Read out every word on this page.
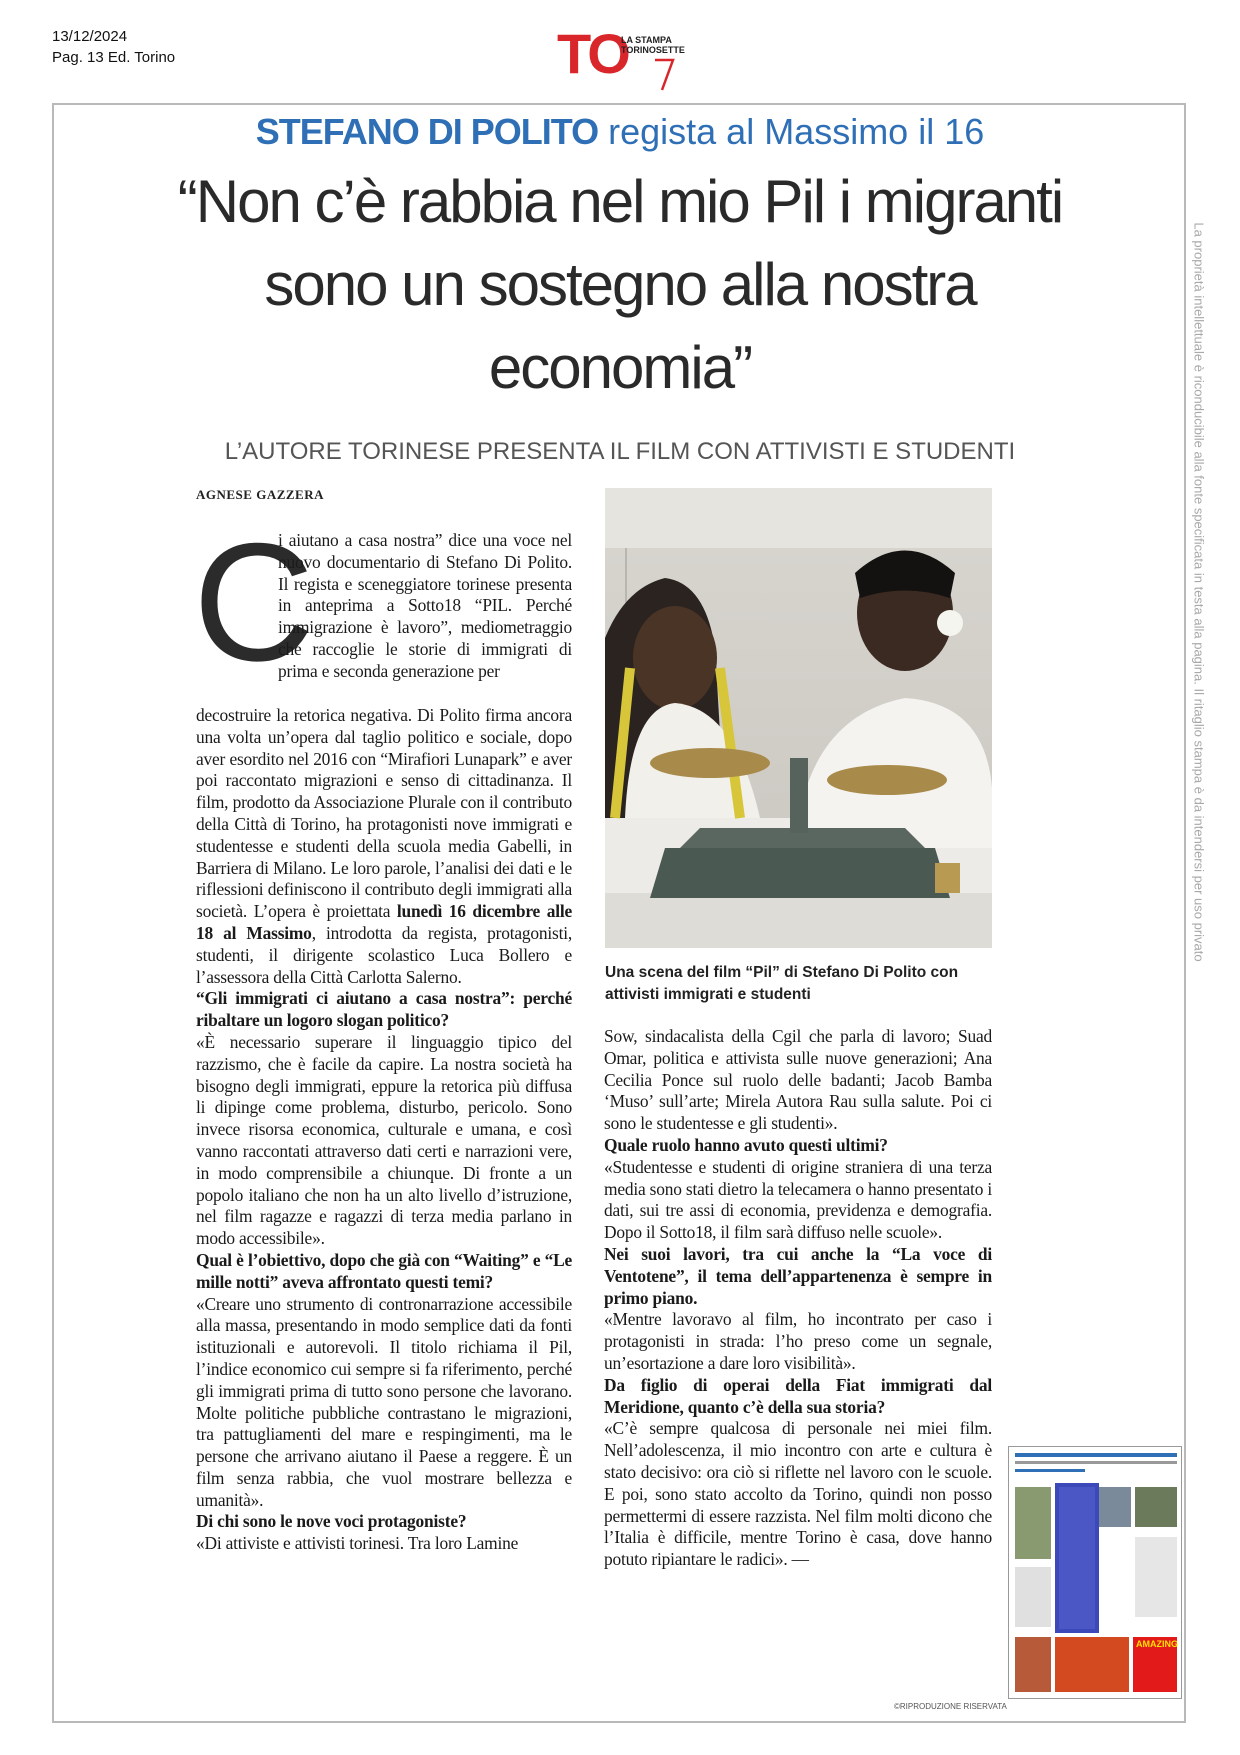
13/12/2024
Pag. 13 Ed. Torino	TO
LA STAMPA
TORINOSETTE
La proprietà intellettuale è riconducibile alla fonte specificata in testa alla pagina. Il ritaglio stampa è da intendersi per uso privato
STEFANO DI POLITO regista al Massimo il 16
“Non c’è rabbia nel mio Pil i migranti sono un sostegno alla nostra economia”
L’AUTORE TORINESE PRESENTA IL FILM CON ATTIVISTI E STUDENTI
AGNESE GAZZERA
C
i aiutano a casa nostra” dice una voce nel nuovo documentario di Stefano Di Polito. Il regista e sceneggiatore torinese presenta in anteprima a Sotto18 “PIL. Perché immigrazione è lavoro”, mediometraggio che raccoglie le storie di immigrati di prima e seconda generazione per
decostruire la retorica negativa. Di Polito firma ancora una volta un’opera dal taglio politico e sociale, dopo aver esordito nel 2016 con “Mirafiori Lunapark” e aver poi raccontato migrazioni e senso di cittadinanza. Il film, prodotto da Associazione Plurale con il contributo della Città di Torino, ha protagonisti nove immigrati e studentesse e studenti della scuola media Gabelli, in Barriera di Milano. Le loro parole, l’analisi dei dati e le riflessioni definiscono il contributo degli immigrati alla società. L’opera è proiettata lunedì 16 dicembre alle 18 al Massimo, introdotta da regista, protagonisti, studenti, il dirigente scolastico Luca Bollero e l’assessora della Città Carlotta Salerno.
“Gli immigrati ci aiutano a casa nostra”: perché ribaltare un logoro slogan politico?
«È necessario superare il linguaggio tipico del razzismo, che è facile da capire. La nostra società ha bisogno degli immigrati, eppure la retorica più diffusa li dipinge come problema, disturbo, pericolo. Sono invece risorsa economica, culturale e umana, e così vanno raccontati attraverso dati certi e narrazioni vere, in modo comprensibile a chiunque. Di fronte a un popolo italiano che non ha un alto livello d’istruzione, nel film ragazze e ragazzi di terza media parlano in modo accessibile».
Qual è l’obiettivo, dopo che già con “Waiting” e “Le mille notti” aveva affrontato questi temi?
«Creare uno strumento di contronarrazione accessibile alla massa, presentando in modo semplice dati da fonti istituzionali e autorevoli. Il titolo richiama il Pil, l’indice economico cui sempre si fa riferimento, perché gli immigrati prima di tutto sono persone che lavorano. Molte politiche pubbliche contrastano le migrazioni, tra pattugliamenti del mare e respingimenti, ma le persone che arrivano aiutano il Paese a reggere. È un film senza rabbia, che vuol mostrare bellezza e umanità».
Di chi sono le nove voci protagoniste?
«Di attiviste e attivisti torinesi. Tra loro Lamine
Una scena del film “Pil” di Stefano Di Polito con attivisti immigrati e studenti
Sow, sindacalista della Cgil che parla di lavoro; Suad Omar, politica e attivista sulle nuove generazioni; Ana Cecilia Ponce sul ruolo delle badanti; Jacob Bamba ‘Muso’ sull’arte; Mirela Autora Rau sulla salute. Poi ci sono le studentesse e gli studenti».
Quale ruolo hanno avuto questi ultimi?
«Studentesse e studenti di origine straniera di una terza media sono stati dietro la telecamera o hanno presentato i dati, sui tre assi di economia, previdenza e demografia. Dopo il Sotto18, il film sarà diffuso nelle scuole».
Nei suoi lavori, tra cui anche la “La voce di Ventotene”, il tema dell’appartenenza è sempre in primo piano.
«Mentre lavoravo al film, ho incontrato per caso i protagonisti in strada: l’ho preso come un segnale, un’esortazione a dare loro visibilità».
Da figlio di operai della Fiat immigrati dal Meridione, quanto c’è della sua storia?
«C’è sempre qualcosa di personale nei miei film. Nell’adolescenza, il mio incontro con arte e cultura è stato decisivo: ora ciò si riflette nel lavoro con le scuole. E poi, sono stato accolto da Torino, quindi non posso permettermi di essere razzista. Nel film molti dicono che l’Italia è difficile, mentre Torino è casa, dove hanno potuto ripiantare le radici». —
©RIPRODUZIONE RISERVATA
AMAZING
